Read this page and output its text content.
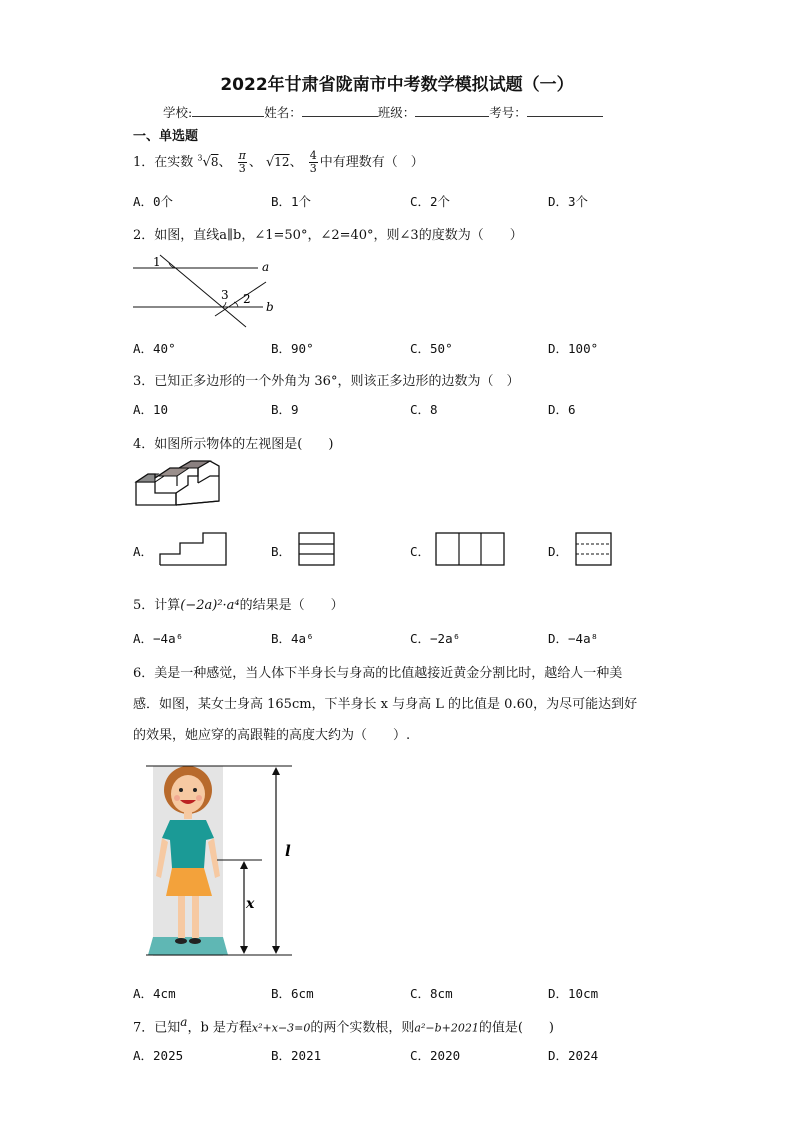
2022年甘肃省陇南市中考数学模拟试题（一）
学校:	姓名：	班级：	考号：
一、单选题
1．在实数 $^3$√8、 $\frac{\pi}{3}$ 、 √12、 $\frac{4}{3}$ 中有理数有（　）
A．0个	B．1个	C．2个	D．3个
2．如图，直线a∥b，∠1=50°，∠2=40°，则∠3的度数为（　　）
1	a
3 2
b
A．40°	B．90°	C．50°	D．100°
3．已知正多边形的一个外角为 36°，则该正多边形的边数为（　）
A．10	B．9	C．8	D．6
4．如图所示物体的左视图是(　　)
A．	B．	C．	D．
5．计算(−2a)²·a⁴的结果是（　　）
A．−4a⁶	B．4a⁶	C．−2a⁶	D．−4a⁸
6．美是一种感觉，当人体下半身长与身高的比值越接近黄金分割比时，越给人一种美
感．如图，某女士身高 165cm，下半身长 x 与身高 L 的比值是 0.60，为尽可能达到好
的效果，她应穿的高跟鞋的高度大约为（　　）.
l
x
A．4cm	B．6cm	C．8cm	D．10cm
7．已知$^a$，b 是方程x²+x−3=0的两个实数根，则a²−b+2021的值是(　　)
A．2025	B．2021	C．2020	D．2024
